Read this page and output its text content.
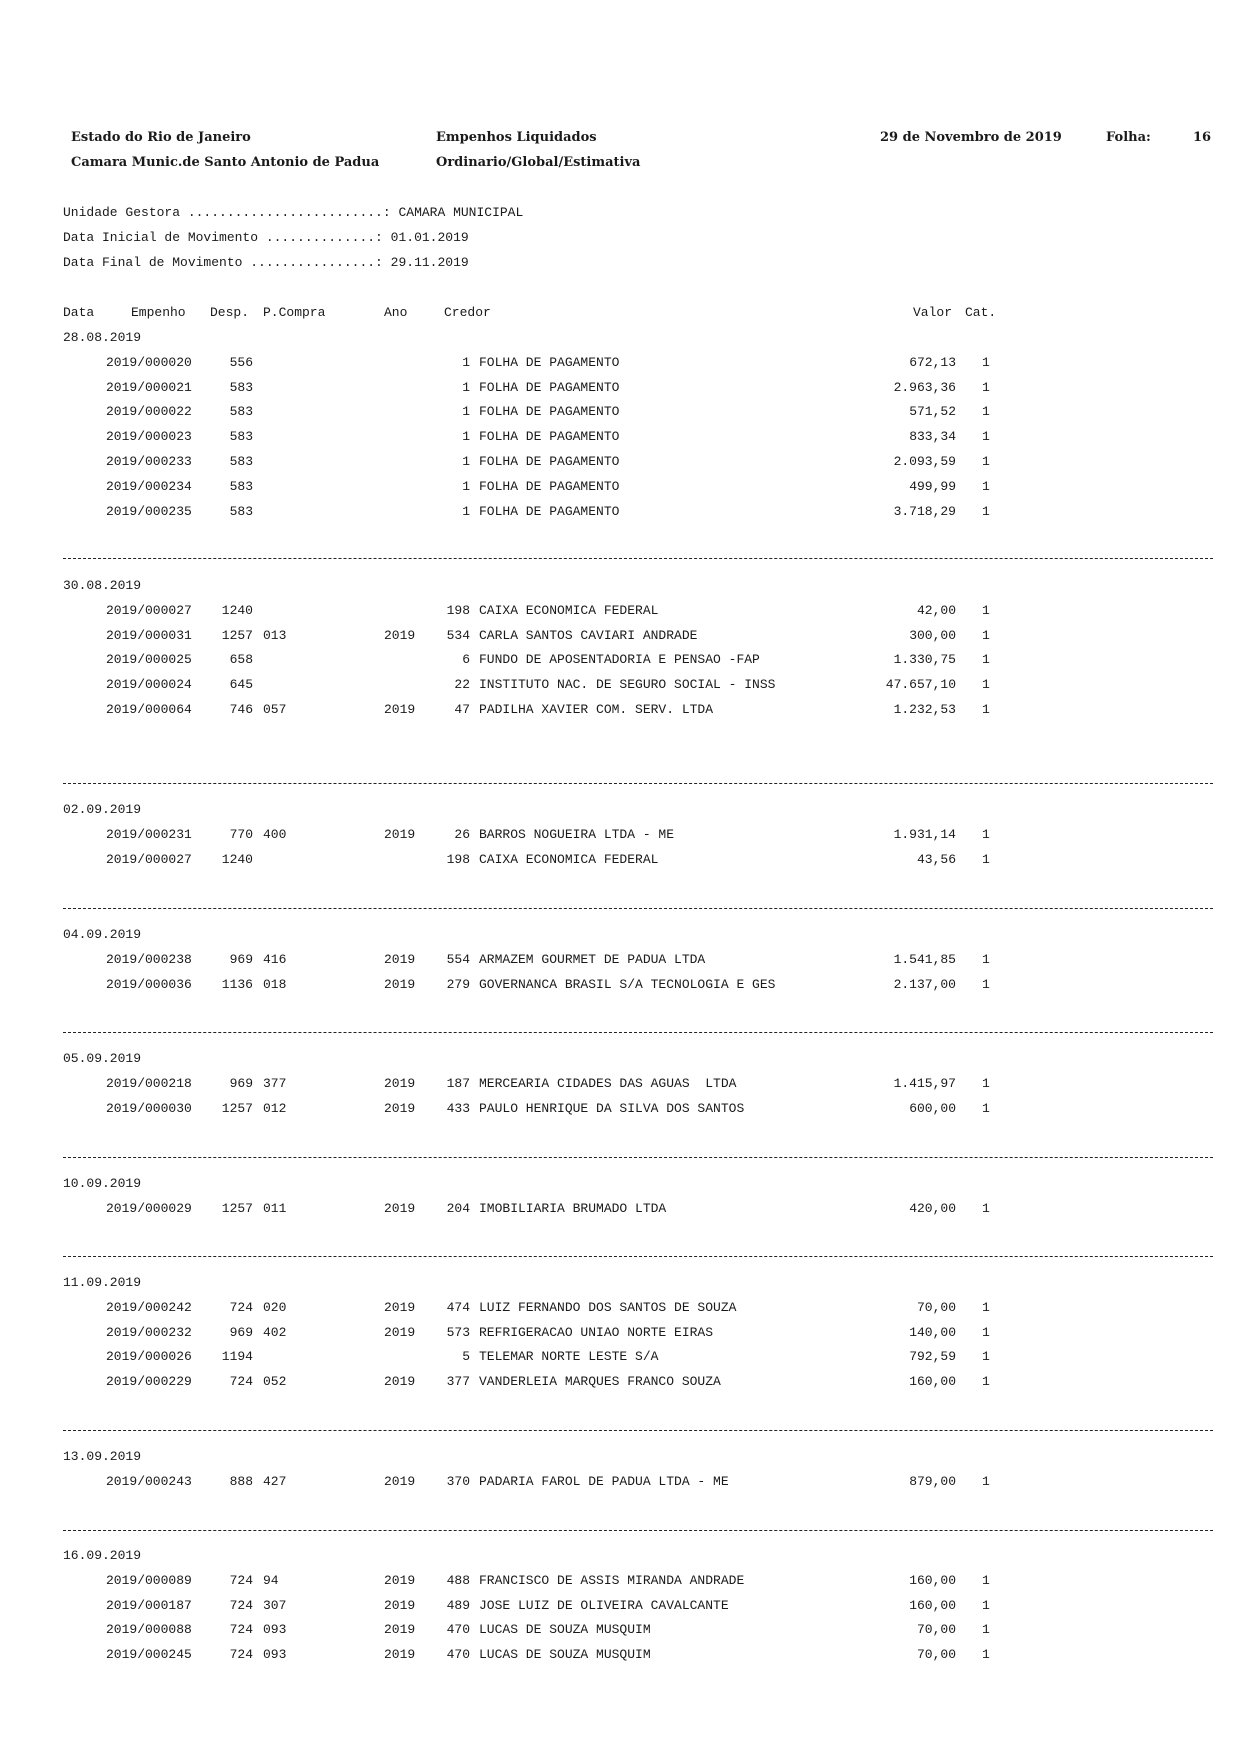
Estado do Rio de Janeiro
Camara Munic.de Santo Antonio de Padua
Empenhos Liquidados
Ordinario/Global/Estimativa
29 de Novembro de 2019	Folha:	16
Unidade Gestora .........................: CAMARA MUNICIPAL
Data Inicial de Movimento ..............: 01.01.2019
Data Final de Movimento ................: 29.11.2019
Data	Empenho Desp. P.Compra	Ano	Credor	Valor Cat.
28.08.2019
2019/000020	556	1 FOLHA DE PAGAMENTO	672,13 1
2019/000021	583	1 FOLHA DE PAGAMENTO	2.963,36 1
2019/000022	583	1 FOLHA DE PAGAMENTO	571,52 1
2019/000023	583	1 FOLHA DE PAGAMENTO	833,34 1
2019/000233	583	1 FOLHA DE PAGAMENTO	2.093,59 1
2019/000234	583	1 FOLHA DE PAGAMENTO	499,99 1
2019/000235	583	1 FOLHA DE PAGAMENTO	3.718,29 1
30.08.2019
2019/000027 1240	198 CAIXA ECONOMICA FEDERAL	42,00 1
2019/000031 1257 013	2019 534 CARLA SANTOS CAVIARI ANDRADE	300,00 1
2019/000025	658	6 FUNDO DE APOSENTADORIA E PENSAO -FAP	1.330,75 1
2019/000024	645	22 INSTITUTO NAC. DE SEGURO SOCIAL - INSS	47.657,10 1
2019/000064	746 057	2019	47 PADILHA XAVIER COM. SERV. LTDA	1.232,53 1
02.09.2019
2019/000231	770 400	2019	26 BARROS NOGUEIRA LTDA - ME	1.931,14 1
2019/000027 1240	198 CAIXA ECONOMICA FEDERAL	43,56 1
04.09.2019
2019/000238	969 416	2019 554 ARMAZEM GOURMET DE PADUA LTDA	1.541,85 1
2019/000036 1136 018	2019 279 GOVERNANCA BRASIL S/A TECNOLOGIA E GES	2.137,00 1
05.09.2019
2019/000218	969 377	2019 187 MERCEARIA CIDADES DAS AGUAS  LTDA	1.415,97 1
2019/000030 1257 012	2019 433 PAULO HENRIQUE DA SILVA DOS SANTOS	600,00 1
10.09.2019
2019/000029 1257 011	2019 204 IMOBILIARIA BRUMADO LTDA	420,00 1
11.09.2019
2019/000242	724 020	2019 474 LUIZ FERNANDO DOS SANTOS DE SOUZA	70,00 1
2019/000232	969 402	2019 573 REFRIGERACAO UNIAO NORTE EIRAS	140,00 1
2019/000026 1194	5 TELEMAR NORTE LESTE S/A	792,59 1
2019/000229	724 052	2019 377 VANDERLEIA MARQUES FRANCO SOUZA	160,00 1
13.09.2019
2019/000243	888 427	2019 370 PADARIA FAROL DE PADUA LTDA - ME	879,00 1
16.09.2019
2019/000089	724 94	2019 488 FRANCISCO DE ASSIS MIRANDA ANDRADE	160,00 1
2019/000187	724 307	2019 489 JOSE LUIZ DE OLIVEIRA CAVALCANTE	160,00 1
2019/000088	724 093	2019 470 LUCAS DE SOUZA MUSQUIM	70,00 1
2019/000245	724 093	2019 470 LUCAS DE SOUZA MUSQUIM	70,00 1
